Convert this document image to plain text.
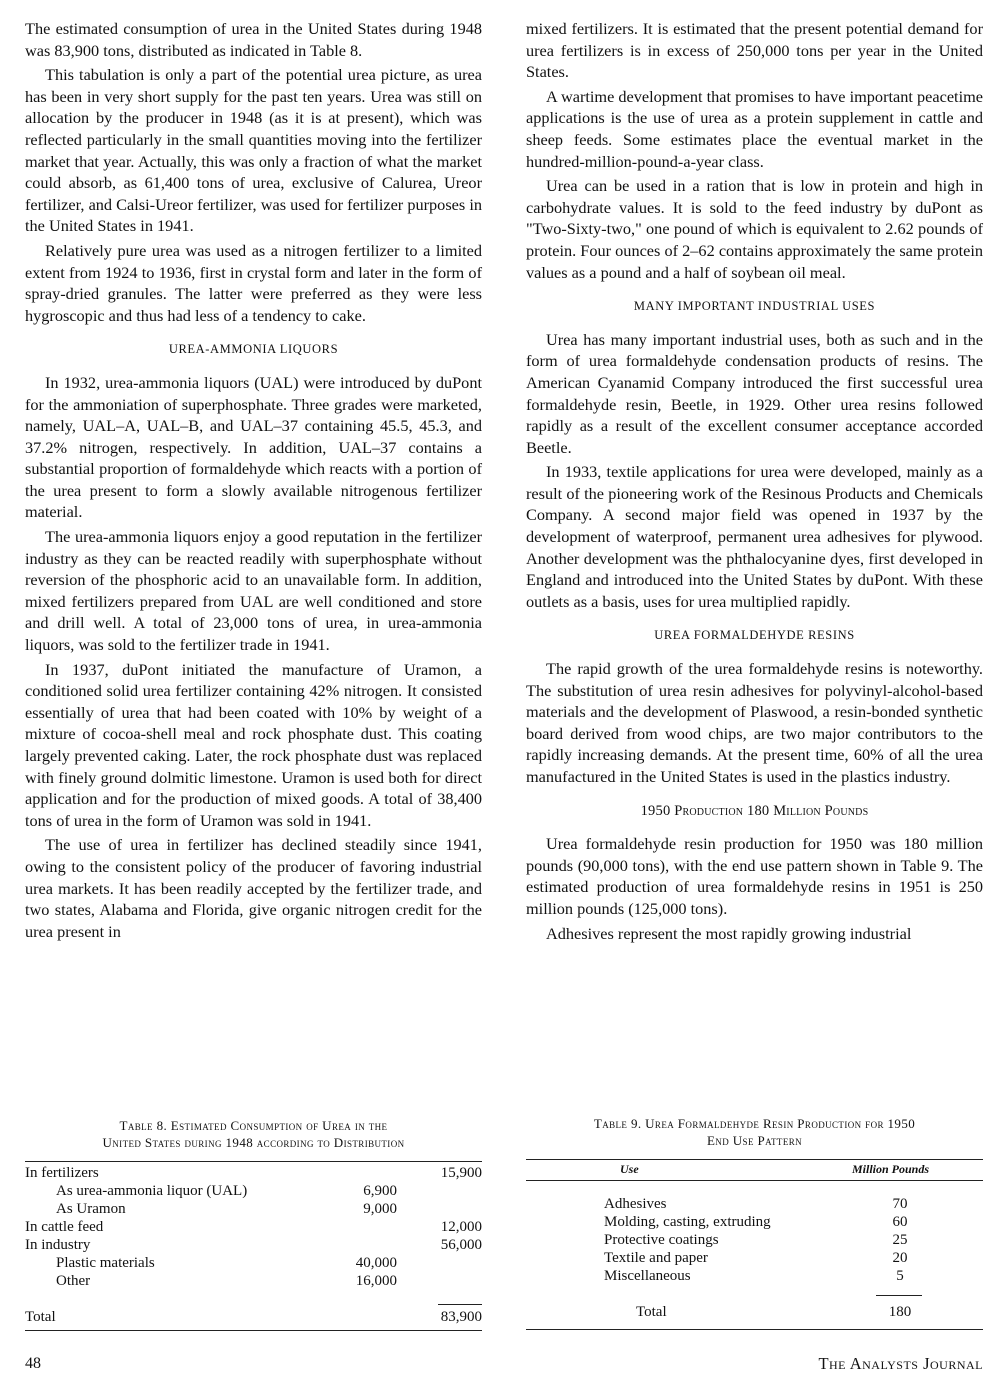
The estimated consumption of urea in the United States during 1948 was 83,900 tons, distributed as indicated in Table 8.

This tabulation is only a part of the potential urea picture, as urea has been in very short supply for the past ten years. Urea was still on allocation by the producer in 1948 (as it is at present), which was reflected particularly in the small quantities moving into the fertilizer market that year. Actually, this was only a fraction of what the market could absorb, as 61,400 tons of urea, exclusive of Calurea, Ureor fertilizer, and Calsi-Ureor fertilizer, was used for fertilizer purposes in the United States in 1941.

Relatively pure urea was used as a nitrogen fertilizer to a limited extent from 1924 to 1936, first in crystal form and later in the form of spray-dried granules. The latter were preferred as they were less hygroscopic and thus had less of a tendency to cake.

UREA-AMMONIA LIQUORS

In 1932, urea-ammonia liquors (UAL) were introduced by duPont for the ammoniation of superphosphate. Three grades were marketed, namely, UAL–A, UAL–B, and UAL–37 containing 45.5, 45.3, and 37.2% nitrogen, respectively. In addition, UAL–37 contains a substantial proportion of formaldehyde which reacts with a portion of the urea present to form a slowly available nitrogenous fertilizer material.

The urea-ammonia liquors enjoy a good reputation in the fertilizer industry as they can be reacted readily with superphosphate without reversion of the phosphoric acid to an unavailable form. In addition, mixed fertilizers prepared from UAL are well conditioned and store and drill well. A total of 23,000 tons of urea, in urea-ammonia liquors, was sold to the fertilizer trade in 1941.

In 1937, duPont initiated the manufacture of Uramon, a conditioned solid urea fertilizer containing 42% nitrogen. It consisted essentially of urea that had been coated with 10% by weight of a mixture of cocoa-shell meal and rock phosphate dust. This coating largely prevented caking. Later, the rock phosphate dust was replaced with finely ground dolmitic limestone. Uramon is used both for direct application and for the production of mixed goods. A total of 38,400 tons of urea in the form of Uramon was sold in 1941.

The use of urea in fertilizer has declined steadily since 1941, owing to the consistent policy of the producer of favoring industrial urea markets. It has been readily accepted by the fertilizer trade, and two states, Alabama and Florida, give organic nitrogen credit for the urea present in

mixed fertilizers. It is estimated that the present potential demand for urea fertilizers is in excess of 250,000 tons per year in the United States.

A wartime development that promises to have important peacetime applications is the use of urea as a protein supplement in cattle and sheep feeds. Some estimates place the eventual market in the hundred-million-pound-a-year class.

Urea can be used in a ration that is low in protein and high in carbohydrate values. It is sold to the feed industry by duPont as "Two-Sixty-two," one pound of which is equivalent to 2.62 pounds of protein. Four ounces of 2–62 contains approximately the same protein values as a pound and a half of soybean oil meal.

MANY IMPORTANT INDUSTRIAL USES

Urea has many important industrial uses, both as such and in the form of urea formaldehyde condensation products of resins. The American Cyanamid Company introduced the first successful urea formaldehyde resin, Beetle, in 1929. Other urea resins followed rapidly as a result of the excellent consumer acceptance accorded Beetle.

In 1933, textile applications for urea were developed, mainly as a result of the pioneering work of the Resinous Products and Chemicals Company. A second major field was opened in 1937 by the development of waterproof, permanent urea adhesives for plywood. Another development was the phthalocyanine dyes, first developed in England and introduced into the United States by duPont. With these outlets as a basis, uses for urea multiplied rapidly.

UREA FORMALDEHYDE RESINS

The rapid growth of the urea formaldehyde resins is noteworthy. The substitution of urea resin adhesives for polyvinyl-alcohol-based materials and the development of Plaswood, a resin-bonded synthetic board derived from wood chips, are two major contributors to the rapidly increasing demands. At the present time, 60% of all the urea manufactured in the United States is used in the plastics industry.

1950 Production 180 Million Pounds

Urea formaldehyde resin production for 1950 was 180 million pounds (90,000 tons), with the end use pattern shown in Table 9. The estimated production of urea formaldehyde resins in 1951 is 250 million pounds (125,000 tons).

Adhesives represent the most rapidly growing industrial

Table 8. Estimated Consumption of Urea in the
United States during 1948 according to Distribution
In fertilizers	15,900
As urea-ammonia liquor (UAL)	6,900
As Uramon	9,000
In cattle feed	12,000
In industry	56,000
Plastic materials	40,000
Other	16,000
Total	83,900
Table 9. Urea Formaldehyde Resin Production for 1950
End Use Pattern
Use	Million Pounds
Adhesives	70
Molding, casting, extruding	60
Protective coatings	25
Textile and paper	20
Miscellaneous	5
Total	180
48	The Analysts Journal
